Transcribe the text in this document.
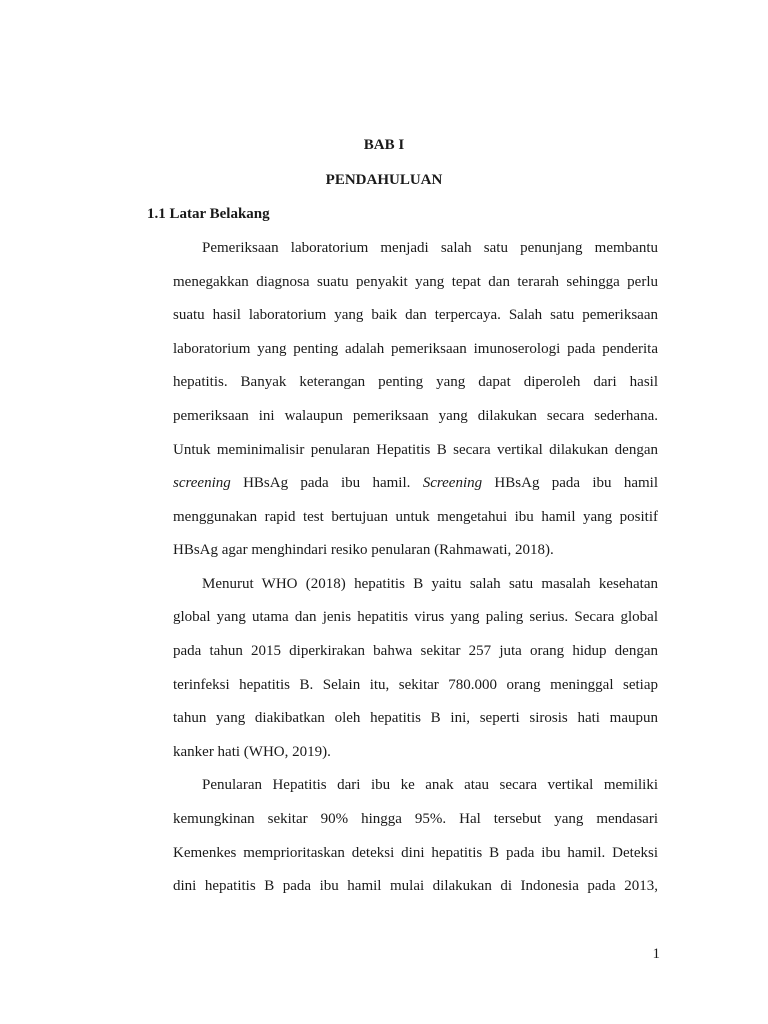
BAB I
PENDAHULUAN
1.1 Latar Belakang
Pemeriksaan laboratorium menjadi salah satu penunjang membantu
menegakkan diagnosa suatu penyakit yang tepat dan terarah sehingga perlu
suatu hasil laboratorium yang baik dan terpercaya. Salah satu pemeriksaan
laboratorium yang penting adalah pemeriksaan imunoserologi pada penderita
hepatitis. Banyak keterangan penting yang dapat diperoleh dari hasil
pemeriksaan ini walaupun pemeriksaan yang dilakukan secara sederhana.
Untuk meminimalisir penularan Hepatitis B secara vertikal dilakukan dengan
screening HBsAg pada ibu hamil. Screening HBsAg pada ibu hamil
menggunakan rapid test bertujuan untuk mengetahui ibu hamil yang positif
HBsAg agar menghindari resiko penularan (Rahmawati, 2018).
Menurut WHO (2018) hepatitis B yaitu salah satu masalah kesehatan
global yang utama dan jenis hepatitis virus yang paling serius. Secara global
pada tahun 2015 diperkirakan bahwa sekitar 257 juta orang hidup dengan
terinfeksi hepatitis B. Selain itu, sekitar 780.000 orang meninggal setiap
tahun yang diakibatkan oleh hepatitis B ini, seperti sirosis hati maupun
kanker hati (WHO, 2019).
Penularan Hepatitis dari ibu ke anak atau secara vertikal memiliki
kemungkinan sekitar 90% hingga 95%. Hal tersebut yang mendasari
Kemenkes memprioritaskan deteksi dini hepatitis B pada ibu hamil. Deteksi
dini hepatitis B pada ibu hamil mulai dilakukan di Indonesia pada 2013,
1
